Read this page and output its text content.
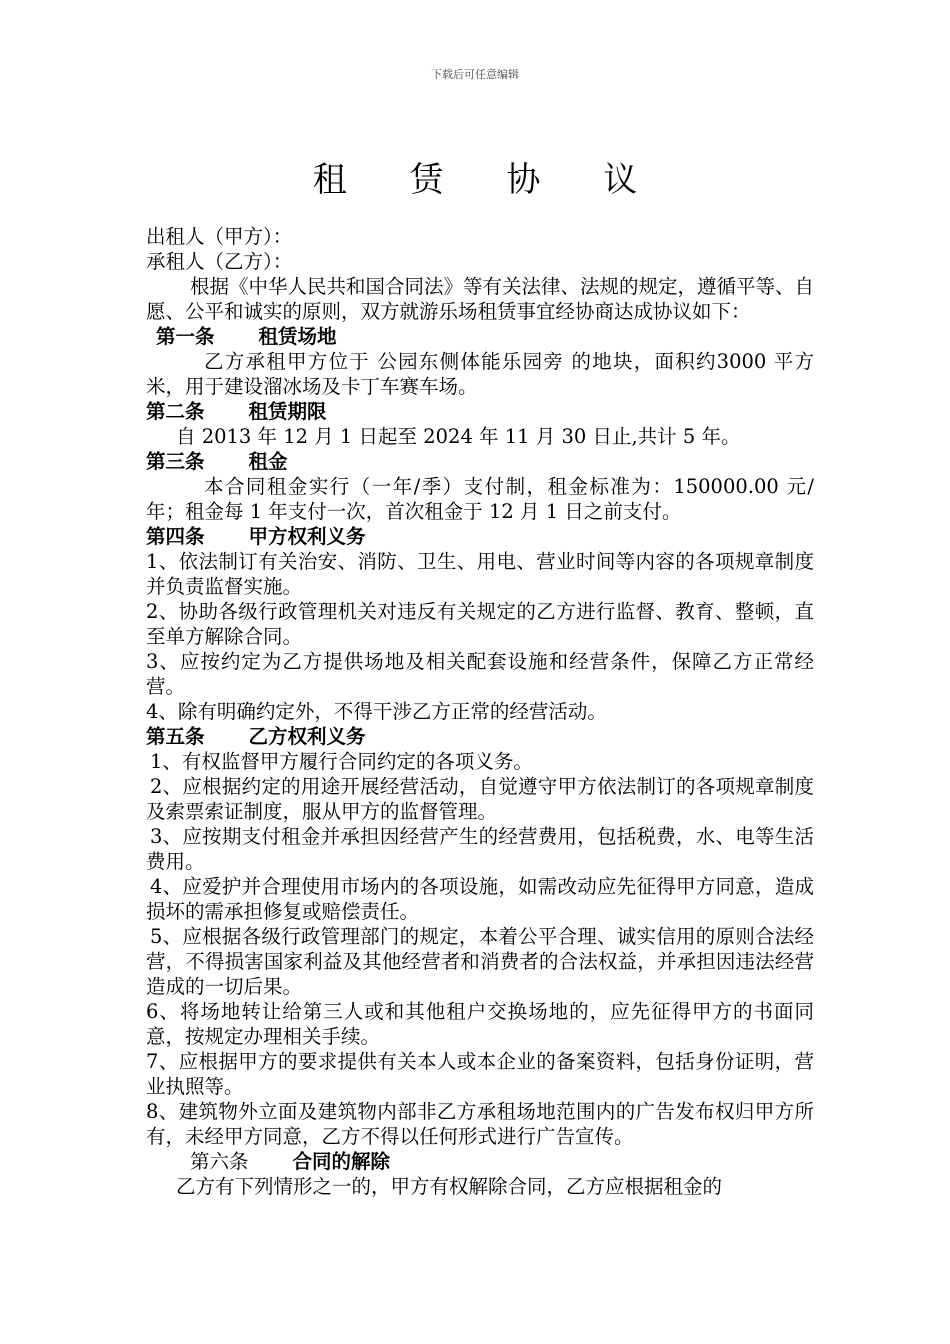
下载后可任意编辑
租 赁 协 议

出租人（甲方）：

承租人（乙方）：

根据《中华人民共和国合同法》等有关法律、法规的规定，遵循平等、自愿、公平和诚实的原则，双方就游乐场租赁事宜经协商达成协议如下：

第一条 租赁场地

乙方承租甲方位于 公园东侧体能乐园旁 的地块，面积约3000 平方米，用于建设溜冰场及卡丁车赛车场。

第二条 租赁期限

自 2013 年 12 月 1 日起至 2024 年 11 月 30 日止,共计 5 年。

第三条 租金

本合同租金实行（一年/季）支付制，租金标准为：150000.00 元/年；租金每 1 年支付一次，首次租金于 12 月 1 日之前支付。

第四条 甲方权利义务

1、依法制订有关治安、消防、卫生、用电、营业时间等内容的各项规章制度并负责监督实施。

2、协助各级行政管理机关对违反有关规定的乙方进行监督、教育、整顿，直至单方解除合同。

3、应按约定为乙方提供场地及相关配套设施和经营条件，保障乙方正常经营。

4、除有明确约定外，不得干涉乙方正常的经营活动。

第五条 乙方权利义务

1、有权监督甲方履行合同约定的各项义务。

2、应根据约定的用途开展经营活动，自觉遵守甲方依法制订的各项规章制度及索票索证制度，服从甲方的监督管理。

3、应按期支付租金并承担因经营产生的经营费用，包括税费，水、电等生活费用。

4、应爱护并合理使用市场内的各项设施，如需改动应先征得甲方同意，造成损坏的需承担修复或赔偿责任。

5、应根据各级行政管理部门的规定，本着公平合理、诚实信用的原则合法经营，不得损害国家利益及其他经营者和消费者的合法权益，并承担因违法经营造成的一切后果。

6、将场地转让给第三人或和其他租户交换场地的，应先征得甲方的书面同意，按规定办理相关手续。

7、应根据甲方的要求提供有关本人或本企业的备案资料，包括身份证明，营业执照等。

8、建筑物外立面及建筑物内部非乙方承租场地范围内的广告发布权归甲方所有，未经甲方同意，乙方不得以任何形式进行广告宣传。

第六条 合同的解除

乙方有下列情形之一的，甲方有权解除合同，乙方应根据租金的
